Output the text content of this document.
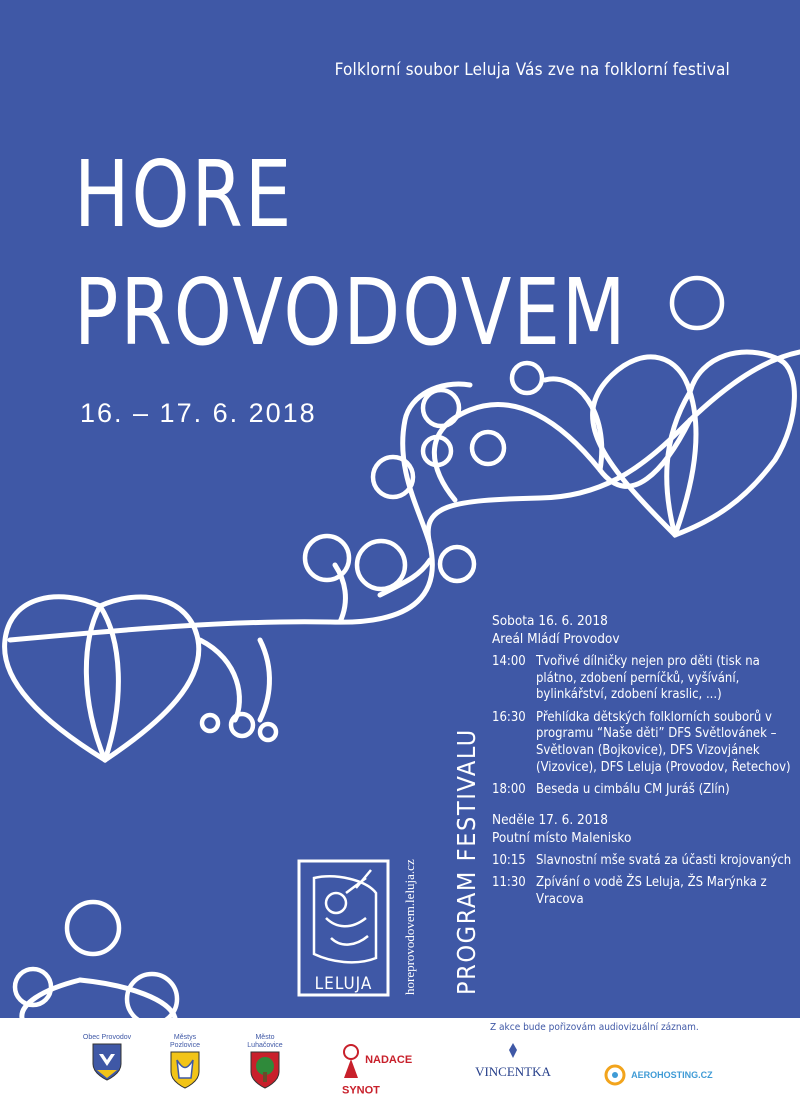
Folklorní soubor Leluja Vás zve na folklorní festival
HORE
PROVODOVEM
16. – 17. 6. 2018
LELUJA	horeprovodovem.leluja.cz PROGRAM FESTIVALU
Sobota 16. 6. 2018
Areál Mládí Provodov
14:00 Tvořivé dílničky nejen pro děti (tisk na plátno, zdobení perníčků, vyšívání, bylinkářství, zdobení kraslic, ...)
16:30 Přehlídka dětských folklorních souborů v programu “Naše děti” DFS Světlovánek – Světlovan (Bojkovice), DFS Vizovjánek (Vizovice), DFS Leluja (Provodov, Řetechov)
18:00 Beseda u cimbálu CM Juráš (Zlín)
Neděle 17. 6. 2018
Poutní místo Malenisko
10:15 Slavnostní mše svatá za účasti krojovaných
11:30 Zpívání o vodě ŽS Leluja, ŽS Marýnka z Vracova
Z akce bude pořizovám audiovizuální záznam.
Obec Provodov	Městys Pozlovice
Město Luhačovice
NADACE SYNOT
VINCENTKA	AEROHOSTING.CZ
